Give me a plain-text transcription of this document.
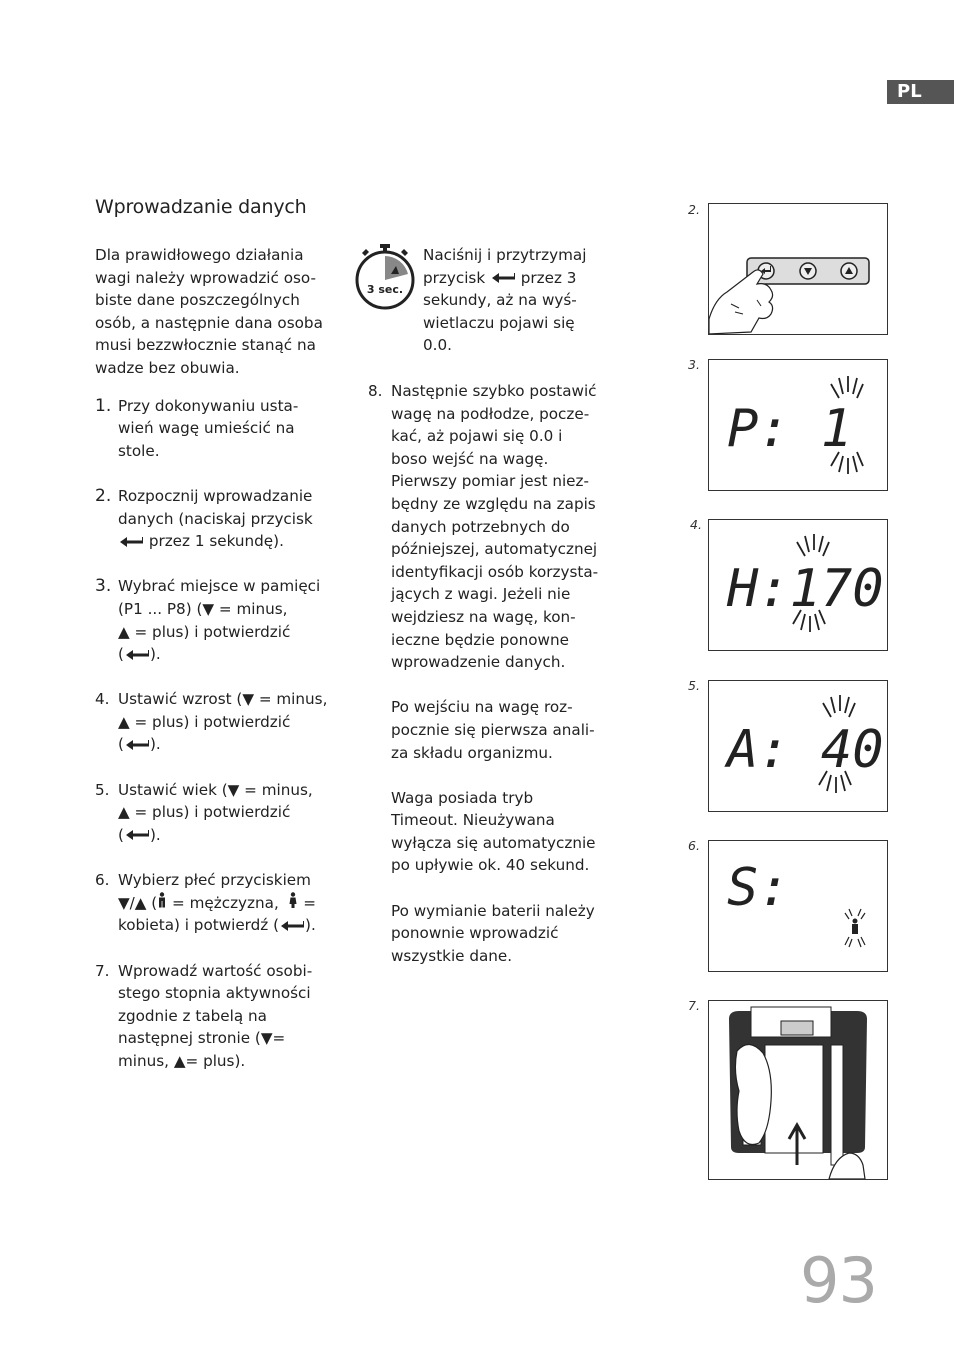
PL
Wprowadzanie danych

Dla prawidłowego działania

wagi należy wprowadzić oso-

biste dane poszczególnych

osób, a następnie dana osoba

musi bezzwłocznie stanąć na

wadze bez obuwia.

1. Przy dokonywaniu usta-
wień wagę umieścić na
stole.
2. Rozpocznij wprowadzanie
danych (naciskaj przycisk
przez 1 sekundę).
3. Wybrać miejsce w pamięci
(P1 ... P8) (▼ = minus,
▲ = plus) i potwierdzić
( ).
4. Ustawić wzrost (▼ = minus,
▲ = plus) i potwierdzić
( ).
5. Ustawić wiek (▼ = minus,
▲ = plus) i potwierdzić
( ).
6. Wybierz płeć przyciskiem
▼/▲ ( = mężczyzna,   =
kobieta) i potwierdź ( ).
7. Wprowadź wartość osobi-
stego stopnia aktywności
zgodnie z tabelą na
następnej stronie (▼=
minus, ▲= plus).
3 sec.
Naciśnij i przytrzymaj
przycisk przez 3
sekundy, aż na wyś-
wietlaczu pojawi się
0.0.
8. Następnie szybko postawić
wagę na podłodze, pocze-
kać, aż pojawi się 0.0 i
boso wejść na wagę.
Pierwszy pomiar jest niez-
będny ze względu na zapis
danych potrzebnych do
późniejszej, automatycznej
identyfikacji osób korzysta-
jących z wagi. Jeżeli nie
wejdziesz na wagę, kon-
ieczne będzie ponowne
wprowadzenie danych.
Po wejściu na wagę roz-
pocznie się pierwsza anali-
za składu organizmu.
Waga posiada tryb
Timeout. Nieużywana
wyłącza się automatycznie
po upływie ok. 40 sekund.
Po wymianie baterii należy
ponownie wprowadzić
wszystkie dane.
2.
3.
P: 1
4.
H:170
5.
A: 40
6.
S:
7.
93
